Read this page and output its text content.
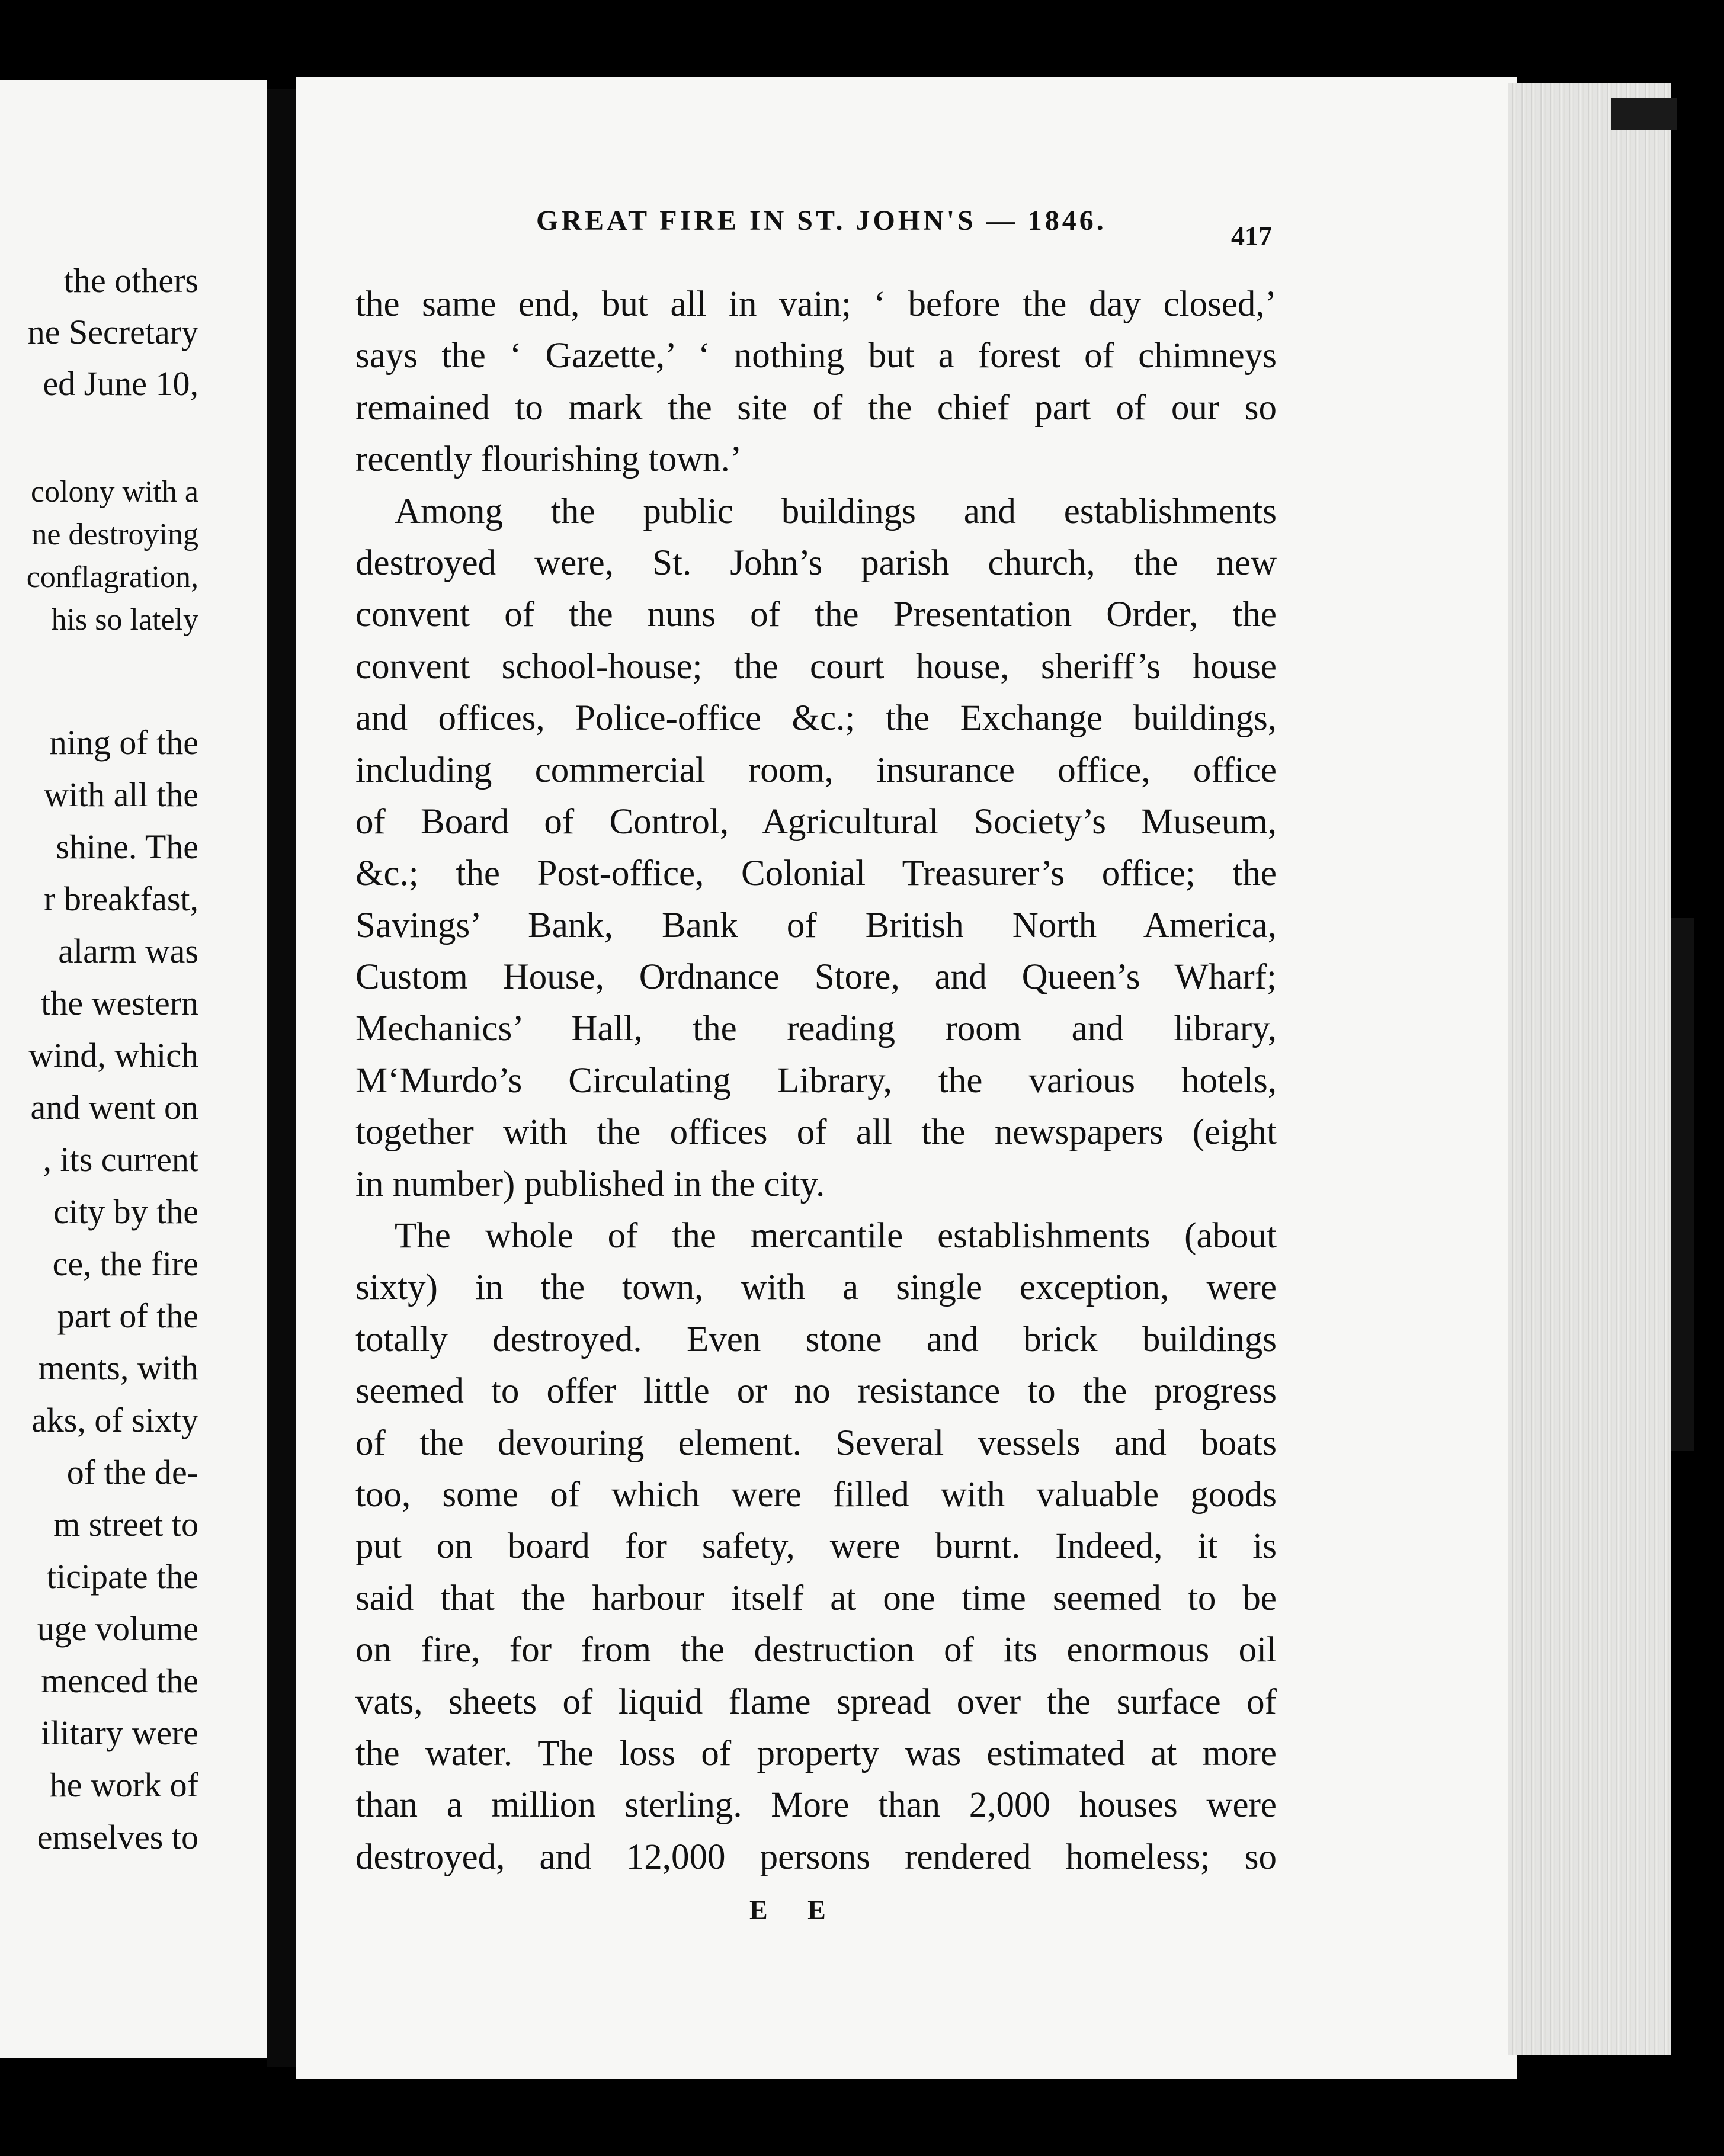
the others
ne Secretary
ed June 10,
colony with a
ne destroying
conflagration,
his so lately
ning of the
with all the
shine. The
r breakfast,
alarm was
the western
wind, which
and went on
, its current
city by the
ce, the fire
part of the
ments, with
aks, of sixty
of the de-
m street to
ticipate the
uge volume
menced the
ilitary were
he work of
emselves to
GREAT FIRE IN ST. JOHN'S — 1846.	417
the same end, but all in vain; ‘ before the day closed,’
says the ‘ Gazette,’ ‘ nothing but a forest of chimneys
remained to mark the site of the chief part of our so
recently flourishing town.’
Among the public buildings and establishments
destroyed were, St. John’s parish church, the new
convent of the nuns of the Presentation Order, the
convent school-house; the court house, sheriff’s house
and offices, Police-office &c.; the Exchange buildings,
including commercial room, insurance office, office
of Board of Control, Agricultural Society’s Museum,
&c.; the Post-office, Colonial Treasurer’s office; the
Savings’ Bank, Bank of British North America,
Custom House, Ordnance Store, and Queen’s Wharf;
Mechanics’ Hall, the reading room and library,
M‘Murdo’s Circulating Library, the various hotels,
together with the offices of all the newspapers (eight
in number) published in the city.
The whole of the mercantile establishments (about
sixty) in the town, with a single exception, were
totally destroyed. Even stone and brick buildings
seemed to offer little or no resistance to the progress
of the devouring element. Several vessels and boats
too, some of which were filled with valuable goods
put on board for safety, were burnt. Indeed, it is
said that the harbour itself at one time seemed to be
on fire, for from the destruction of its enormous oil
vats, sheets of liquid flame spread over the surface of
the water. The loss of property was estimated at more
than a million sterling. More than 2,000 houses were
destroyed, and 12,000 persons rendered homeless; so
E E
